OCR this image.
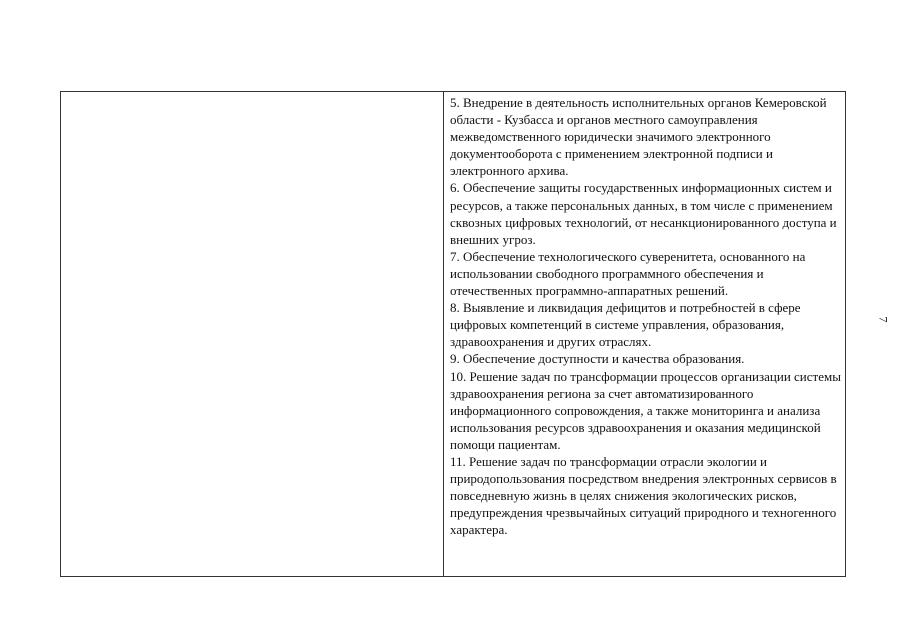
5. Внедрение в деятельность исполнительных органов Кемеровской области - Кузбасса и органов местного самоуправления межведомственного юридически значимого электронного документооборота с применением электронной подписи и электронного архива.

6. Обеспечение защиты государственных информационных систем и ресурсов, а также персональных данных, в том числе с применением сквозных цифровых технологий, от несанкционированного доступа и внешних угроз.

7. Обеспечение технологического суверенитета, основанного на использовании свободного программного обеспечения и отечественных программно-аппаратных решений.

8. Выявление и ликвидация дефицитов и потребностей в сфере цифровых компетенций в системе управления, образования, здравоохранения и других отраслях.

9. Обеспечение доступности и качества образования.

10. Решение задач по трансформации процессов организации системы здравоохранения региона за счет автоматизированного информационного сопровождения, а также мониторинга и анализа использования ресурсов здравоохранения и оказания медицинской помощи пациентам.

11. Решение задач по трансформации отрасли экологии и природопользования посредством внедрения электронных сервисов в повседневную жизнь в целях снижения экологических рисков, предупреждения чрезвычайных ситуаций природного и техногенного характера.

7
